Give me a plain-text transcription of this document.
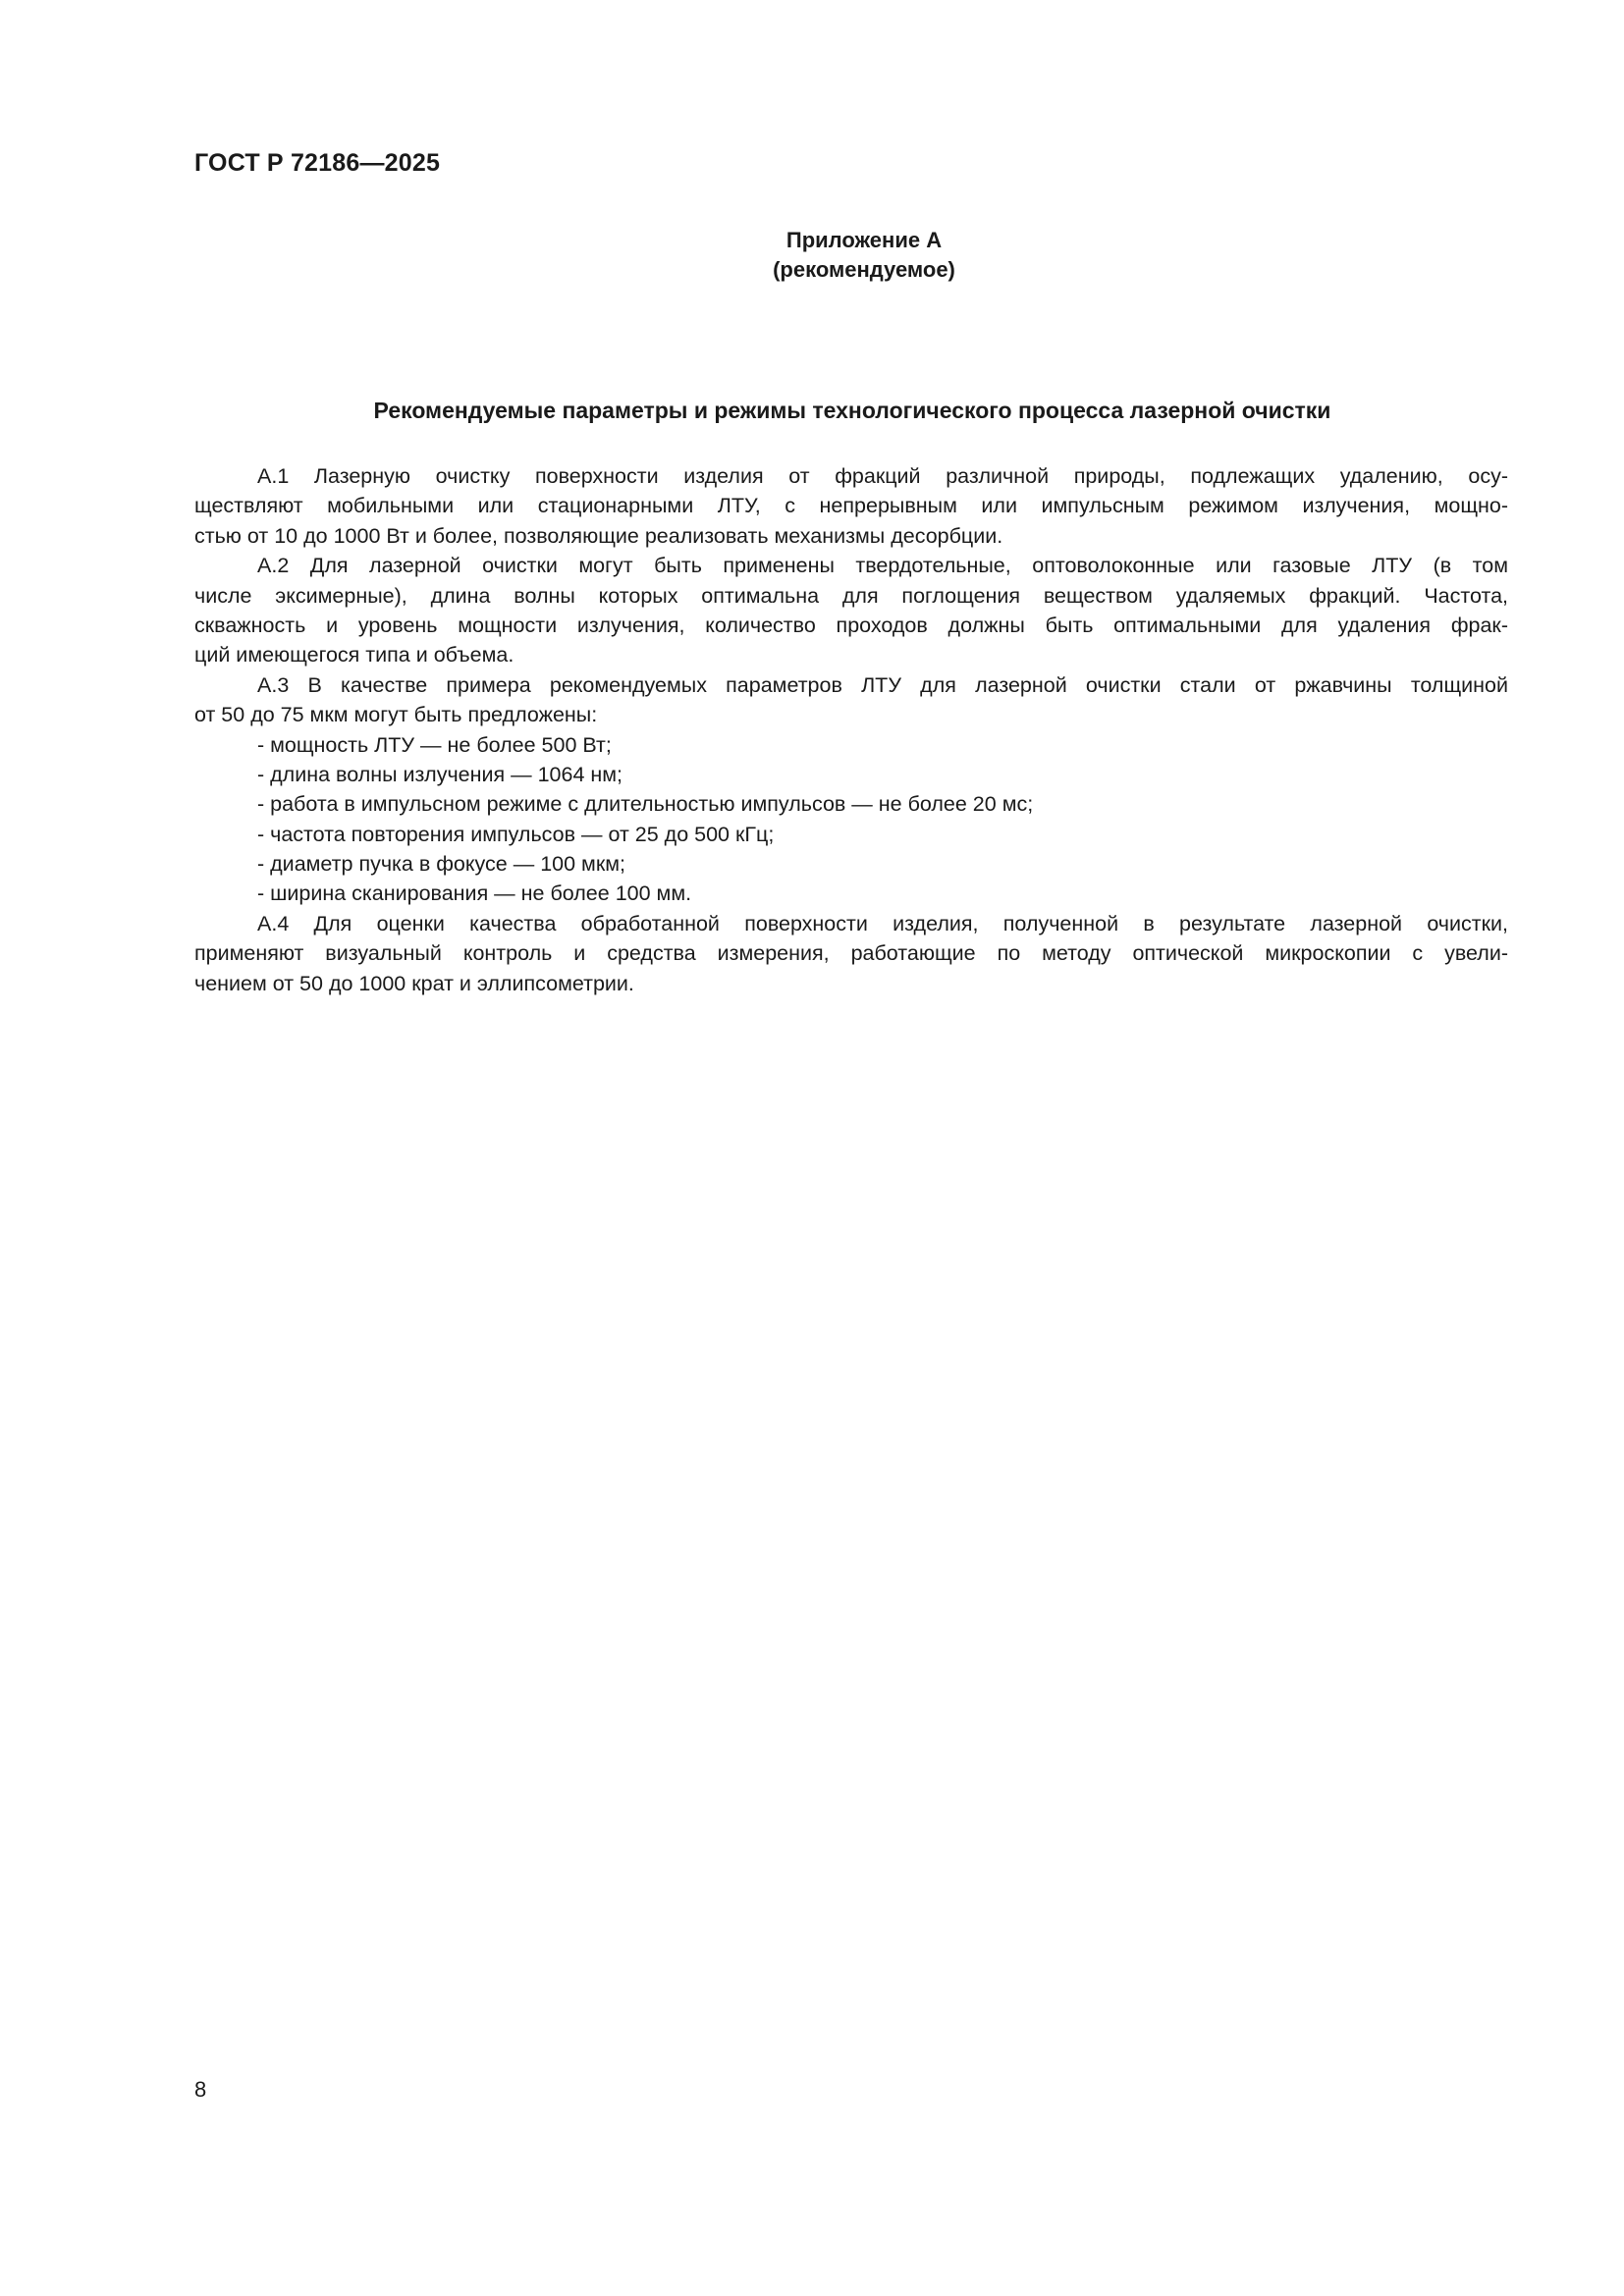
ГОСТ Р 72186—2025
Приложение А
(рекомендуемое)
Рекомендуемые параметры и режимы технологического процесса лазерной очистки
А.1 Лазерную очистку поверхности изделия от фракций различной природы, подлежащих удалению, осу-
ществляют мобильными или стационарными ЛТУ, с непрерывным или импульсным режимом излучения, мощно-
стью от 10 до 1000 Вт и более, позволяющие реализовать механизмы десорбции.
А.2 Для лазерной очистки могут быть применены твердотельные, оптоволоконные или газовые ЛТУ (в том
числе эксимерные), длина волны которых оптимальна для поглощения веществом удаляемых фракций. Частота,
скважность и уровень мощности излучения, количество проходов должны быть оптимальными для удаления фрак-
ций имеющегося типа и объема.
А.3 В качестве примера рекомендуемых параметров ЛТУ для лазерной очистки стали от ржавчины толщиной
от 50 до 75 мкм могут быть предложены:
- мощность ЛТУ — не более 500 Вт;
- длина волны излучения — 1064 нм;
- работа в импульсном режиме с длительностью импульсов — не более 20 мс;
- частота повторения импульсов — от 25 до 500 кГц;
- диаметр пучка в фокусе — 100 мкм;
- ширина сканирования — не более 100 мм.
А.4 Для оценки качества обработанной поверхности изделия, полученной в результате лазерной очистки,
применяют визуальный контроль и средства измерения, работающие по методу оптической микроскопии с увели-
чением от 50 до 1000 крат и эллипсометрии.
8
